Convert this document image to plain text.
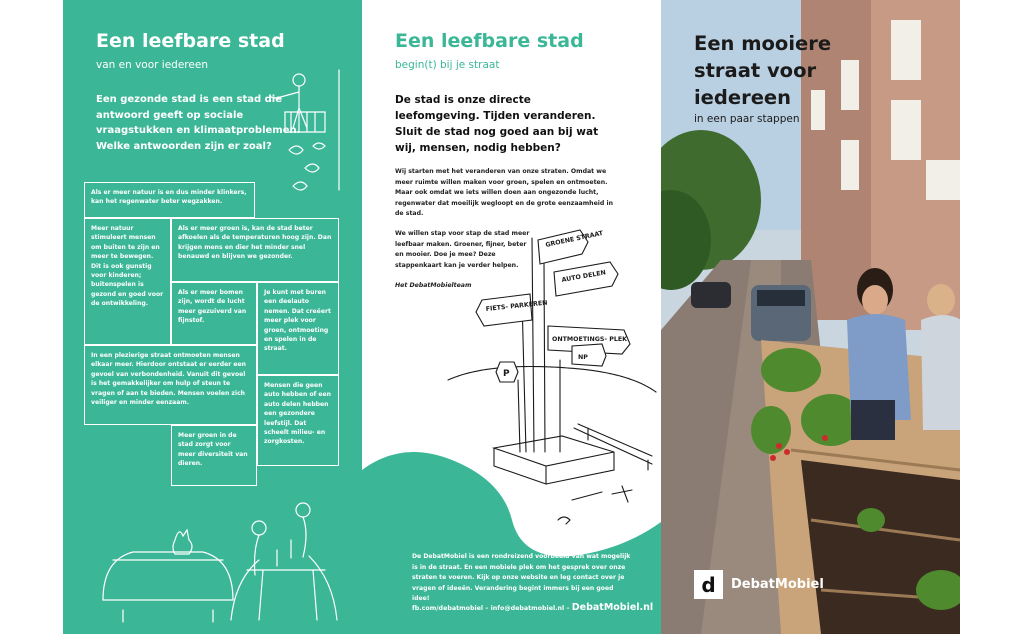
Een leefbare stad
van en voor iedereen
Een gezonde stad is een stad die antwoord geeft op sociale vraagstukken en klimaatproblemen. Welke antwoorden zijn er zoal?
Als er meer natuur is en dus minder klinkers, kan het regenwater beter wegzakken.
Meer natuur stimuleert mensen om buiten te zijn en meer te bewegen. Dit is ook gunstig voor kinderen; buitenspelen is gezond en goed voor de ontwikkeling.
Als er meer groen is, kan de stad beter afkoelen als de temperaturen hoog zijn. Dan krijgen mens en dier het minder snel benauwd en blijven we gezonder.
Als er meer bomen zijn, wordt de lucht meer gezuiverd van fijnstof.
Je kunt met buren een deelauto nemen. Dat creëert meer plek voor groen, ontmoeting en spelen in de straat.
In een plezierige straat ontmoeten mensen elkaar meer. Hierdoor ontstaat er eerder een gevoel van verbondenheid. Vanuit dit gevoel is het gemakkelijker om hulp of steun te vragen of aan te bieden. Mensen voelen zich veiliger en minder eenzaam.
Mensen die geen auto hebben of een auto delen hebben een gezondere leefstijl. Dat scheelt milieu- en zorgkosten.
Meer groen in de stad zorgt voor meer diversiteit van dieren.
Een leefbare stad
begin(t) bij je straat
De stad is onze directe leefomgeving. Tijden veranderen. Sluit de stad nog goed aan bij wat wij, mensen, nodig hebben?
Wij starten met het veranderen van onze straten. Omdat we meer ruimte willen maken voor groen, spelen en ontmoeten. Maar ook omdat we iets willen doen aan ongezonde lucht, regenwater dat moeilijk wegloopt en de grote eenzaamheid in de stad.
We willen stap voor stap de stad meer leefbaar maken. Groener, fijner, beter en mooier. Doe je mee? Deze stappenkaart kan je verder helpen.
Het DebatMobielteam
GROENE STRAAT
AUTO DELEN
FIETS- PARKEREN
ONTMOETINGS- PLEK
NP
P
De DebatMobiel is een rondreizend voorbeeld van wat mogelijk is in de straat. En een mobiele plek om het gesprek over onze straten te voeren. Kijk op onze website en leg contact over je vragen of ideeën. Verandering begint immers bij een goed idee!
fb.com/debatmobiel – info@debatmobiel.nl – DebatMobiel.nl
Een mooiere straat voor iedereen
in een paar stappen
d	DebatMobiel
